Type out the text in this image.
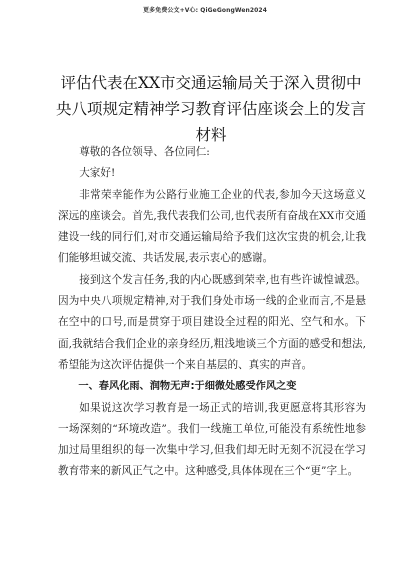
更多免费公文+V心: QiGeGongWen2024
评估代表在XX市交通运输局关于深入贯彻中央八项规定精神学习教育评估座谈会上的发言材料

尊敬的各位领导、各位同仁:

大家好!

非常荣幸能作为公路行业施工企业的代表,参加今天这场意义深远的座谈会。首先,我代表我们公司,也代表所有奋战在XX市交通建设一线的同行们,对市交通运输局给予我们这次宝贵的机会,让我们能够坦诚交流、共话发展,表示衷心的感谢。

接到这个发言任务,我的内心既感到荣幸,也有些许诚惶诚恐。因为中央八项规定精神,对于我们身处市场一线的企业而言,不是悬在空中的口号,而是贯穿于项目建设全过程的阳光、空气和水。下面,我就结合我们企业的亲身经历,粗浅地谈三个方面的感受和想法,希望能为这次评估提供一个来自基层的、真实的声音。

一、春风化雨、润物无声:于细微处感受作风之变

如果说这次学习教育是一场正式的培训,我更愿意将其形容为一场深刻的“环境改造”。我们一线施工单位,可能没有系统性地参加过局里组织的每一次集中学习,但我们却无时无刻不沉浸在学习教育带来的新风正气之中。这种感受,具体体现在三个“更”字上。
